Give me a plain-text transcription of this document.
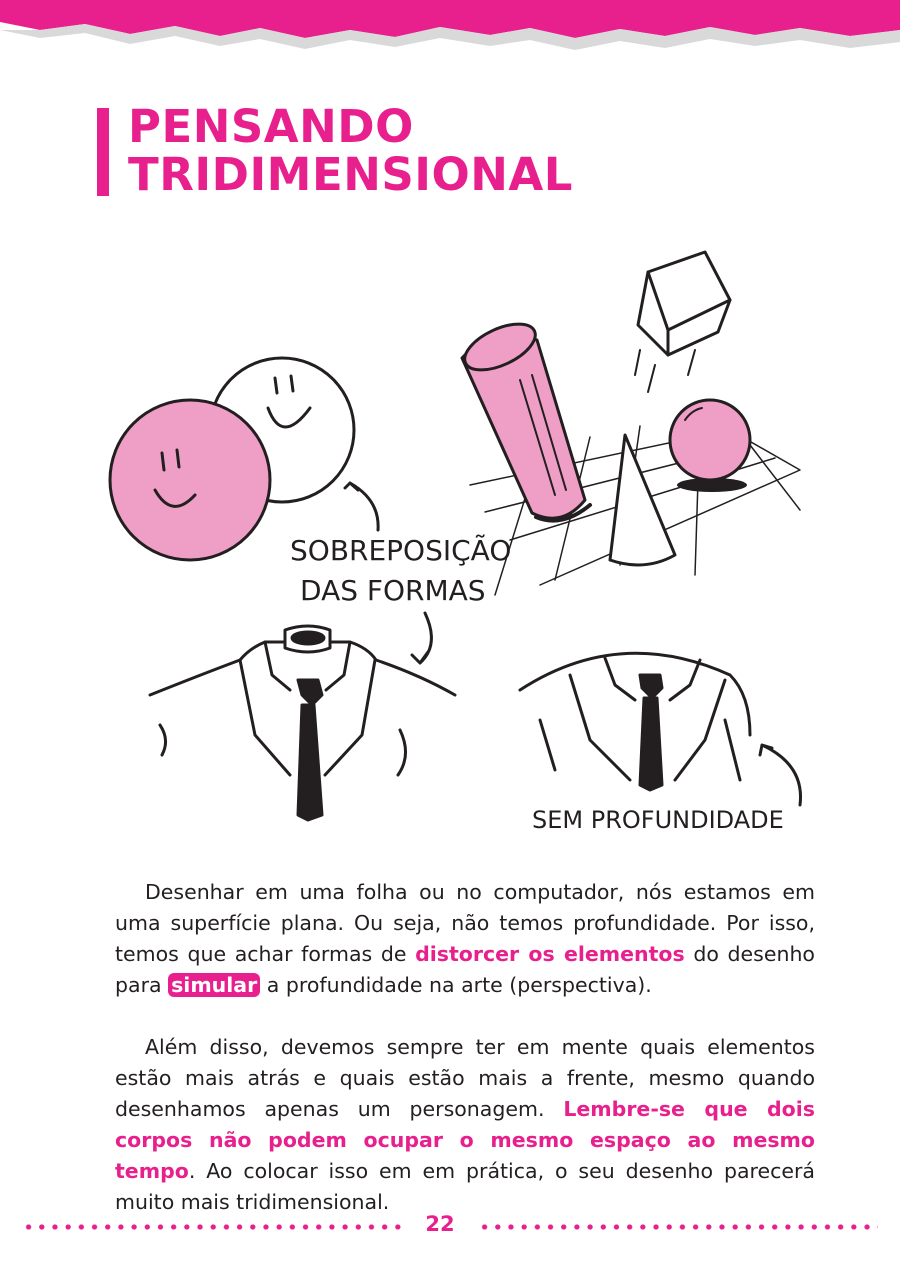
PENSANDO
TRIDIMENSIONAL
SOBREPOSIÇÃO
DAS FORMAS
SEM PROFUNDIDADE

Desenhar em uma folha ou no computador, nós estamos em uma superfície plana. Ou seja, não temos profundidade. Por isso, temos que achar formas de distorcer os elementos do desenho para simular a profundidade na arte (perspectiva).

Além disso, devemos sempre ter em mente quais elementos estão mais atrás e quais estão mais a frente, mesmo quando desenhamos apenas um personagem. Lembre-se que dois corpos não podem ocupar o mesmo espaço ao mesmo tempo. Ao colocar isso em em prática, o seu desenho parecerá muito mais tridimensional.

22
